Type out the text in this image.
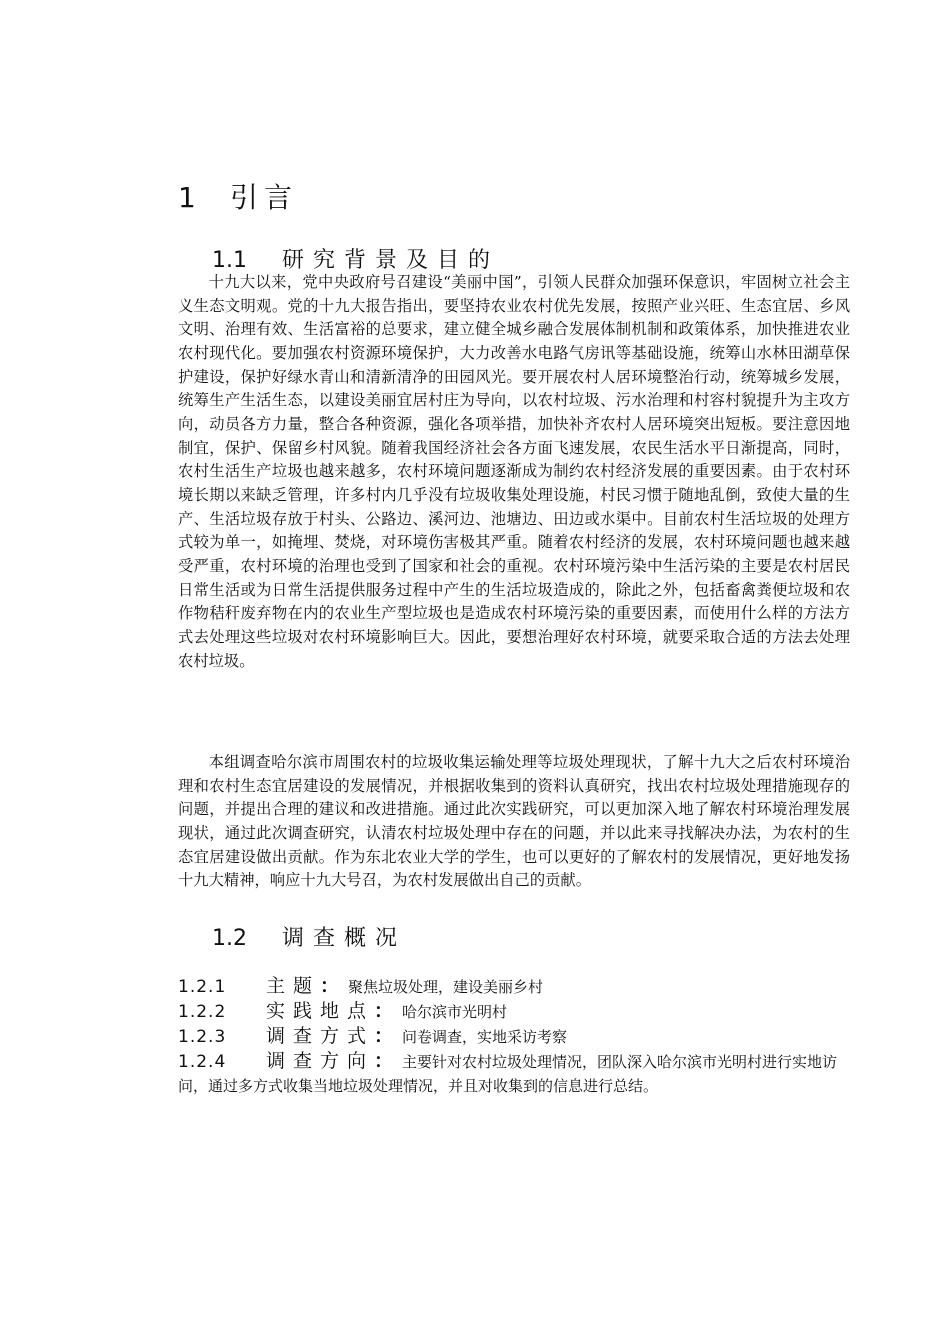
1 引言
1.1 研究背景及目的

十九大以来，党中央政府号召建设“美丽中国”，引领人民群众加强环保意识，牢固树立社会主义生态文明观。党的十九大报告指出，要坚持农业农村优先发展，按照产业兴旺、生态宜居、乡风文明、治理有效、生活富裕的总要求，建立健全城乡融合发展体制机制和政策体系，加快推进农业农村现代化。要加强农村资源环境保护，大力改善水电路气房讯等基础设施，统筹山水林田湖草保护建设，保护好绿水青山和清新清净的田园风光。要开展农村人居环境整治行动，统筹城乡发展，统筹生产生活生态，以建设美丽宜居村庄为导向，以农村垃圾、污水治理和村容村貌提升为主攻方向，动员各方力量，整合各种资源，强化各项举措，加快补齐农村人居环境突出短板。要注意因地制宜，保护、保留乡村风貌。随着我国经济社会各方面飞速发展，农民生活水平日渐提高，同时，农村生活生产垃圾也越来越多，农村环境问题逐渐成为制约农村经济发展的重要因素。由于农村环境长期以来缺乏管理，许多村内几乎没有垃圾收集处理设施，村民习惯于随地乱倒，致使大量的生产、生活垃圾存放于村头、公路边、溪河边、池塘边、田边或水渠中。目前农村生活垃圾的处理方式较为单一，如掩埋、焚烧，对环境伤害极其严重。随着农村经济的发展，农村环境问题也越来越受严重，农村环境的治理也受到了国家和社会的重视。农村环境污染中生活污染的主要是农村居民日常生活或为日常生活提供服务过程中产生的生活垃圾造成的，除此之外，包括畜禽粪便垃圾和农作物秸秆废弃物在内的农业生产型垃圾也是造成农村环境污染的重要因素，而使用什么样的方法方式去处理这些垃圾对农村环境影响巨大。因此，要想治理好农村环境，就要采取合适的方法去处理农村垃圾。

本组调查哈尔滨市周围农村的垃圾收集运输处理等垃圾处理现状，了解十九大之后农村环境治理和农村生态宜居建设的发展情况，并根据收集到的资料认真研究，找出农村垃圾处理措施现存的问题，并提出合理的建议和改进措施。通过此次实践研究，可以更加深入地了解农村环境治理发展现状，通过此次调查研究，认清农村垃圾处理中存在的问题，并以此来寻找解决办法，为农村的生态宜居建设做出贡献。作为东北农业大学的学生，也可以更好的了解农村的发展情况，更好地发扬十九大精神，响应十九大号召，为农村发展做出自己的贡献。

1.2 调查概况

1.2.1 主题： 聚焦垃圾处理，建设美丽乡村

1.2.2 实践地点： 哈尔滨市光明村

1.2.3 调查方式： 问卷调查，实地采访考察

1.2.4 调查方向： 主要针对农村垃圾处理情况，团队深入哈尔滨市光明村进行实地访问，通过多方式收集当地垃圾处理情况，并且对收集到的信息进行总结。
